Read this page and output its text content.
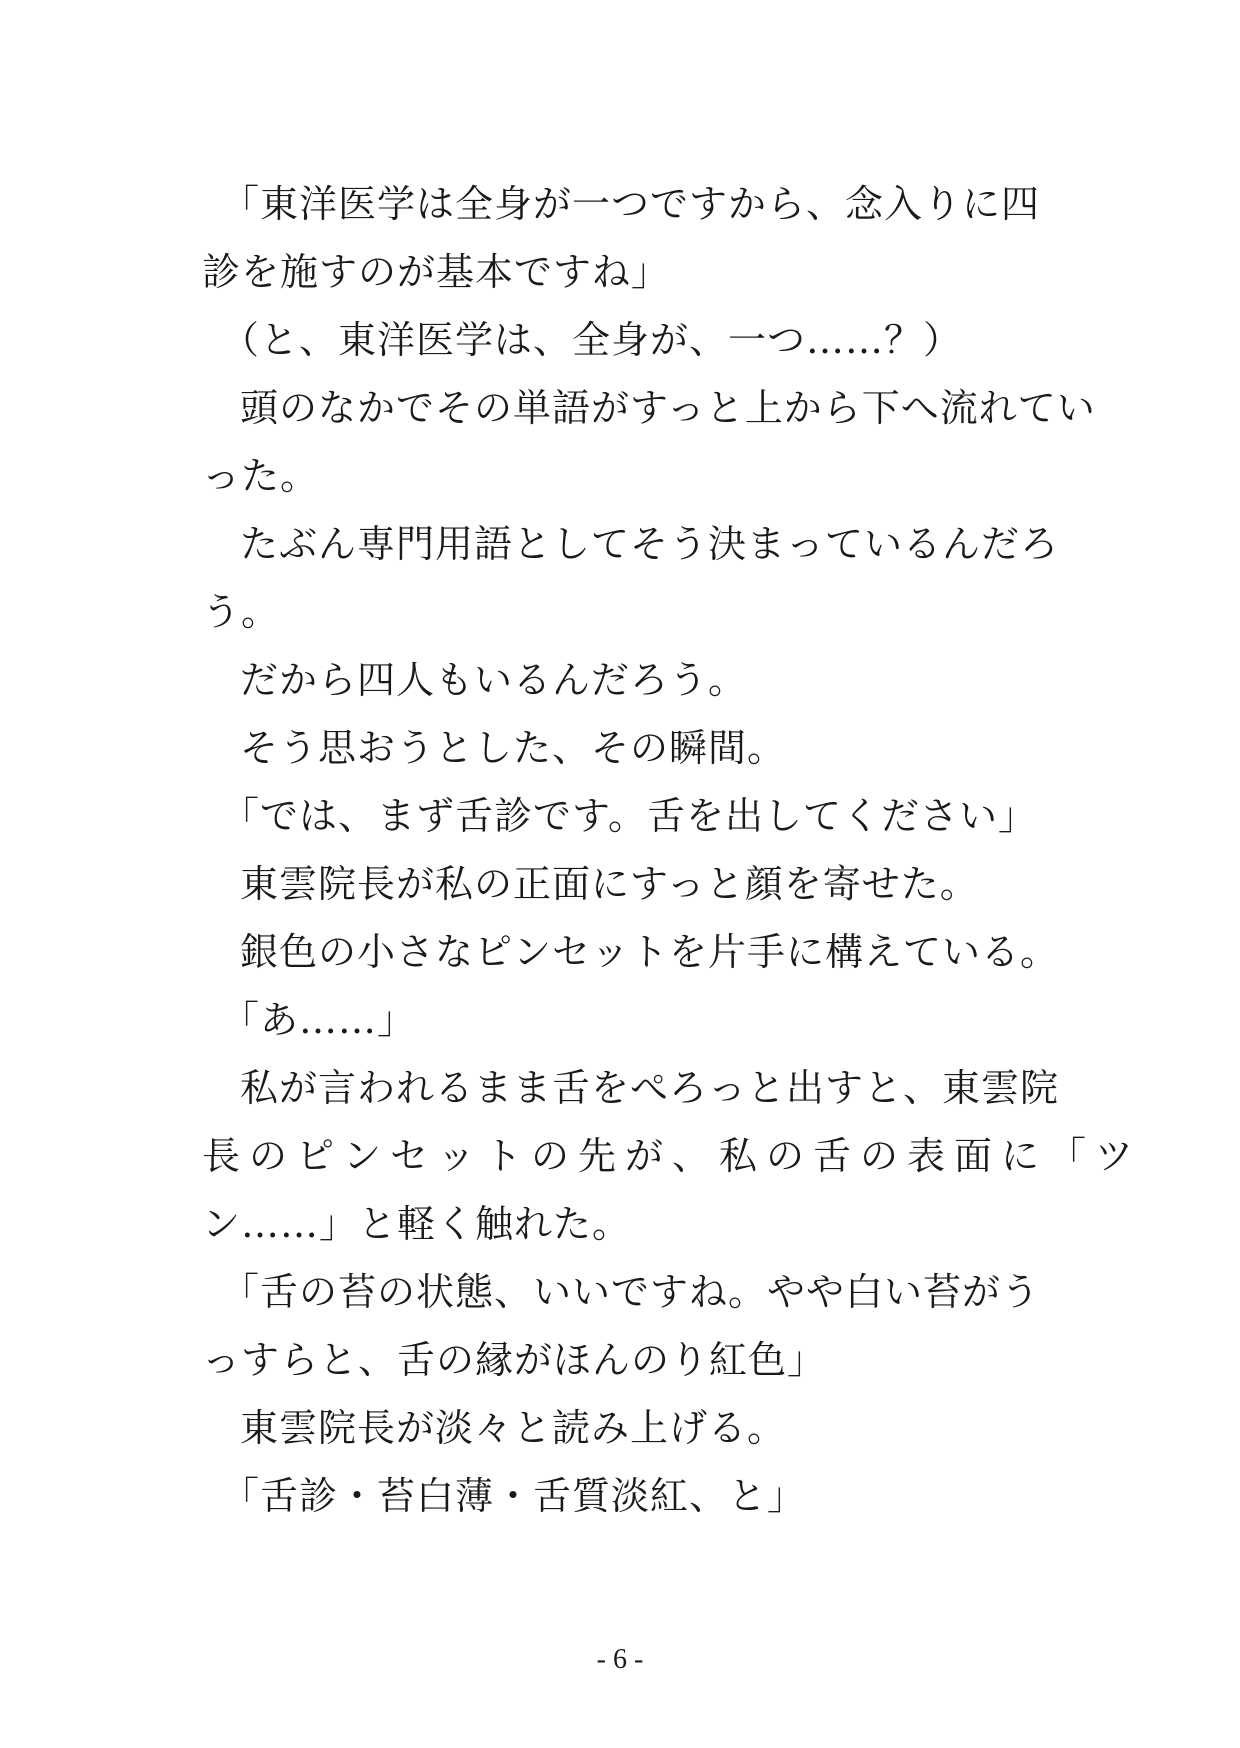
「東洋医学は全身が一つですから、念入りに四
診を施すのが基本ですね」

（と、東洋医学は、全身が、一つ……？）

頭のなかでその単語がすっと上から下へ流れてい
った。

たぶん専門用語としてそう決まっているんだろ
う。

だから四人もいるんだろう。

そう思おうとした、その瞬間。

「では、まず舌診です。舌を出してください」

東雲院長が私の正面にすっと顔を寄せた。

銀色の小さなピンセットを片手に構えている。

「あ……」

私が言われるまま舌をぺろっと出すと、東雲院
長のピンセットの先が、私の舌の表面に「ツ
ン……」と軽く触れた。

「舌の苔の状態、いいですね。やや白い苔がう
っすらと、舌の縁がほんのり紅色」

東雲院長が淡々と読み上げる。

「舌診・苔白薄・舌質淡紅、と」

- 6 -
